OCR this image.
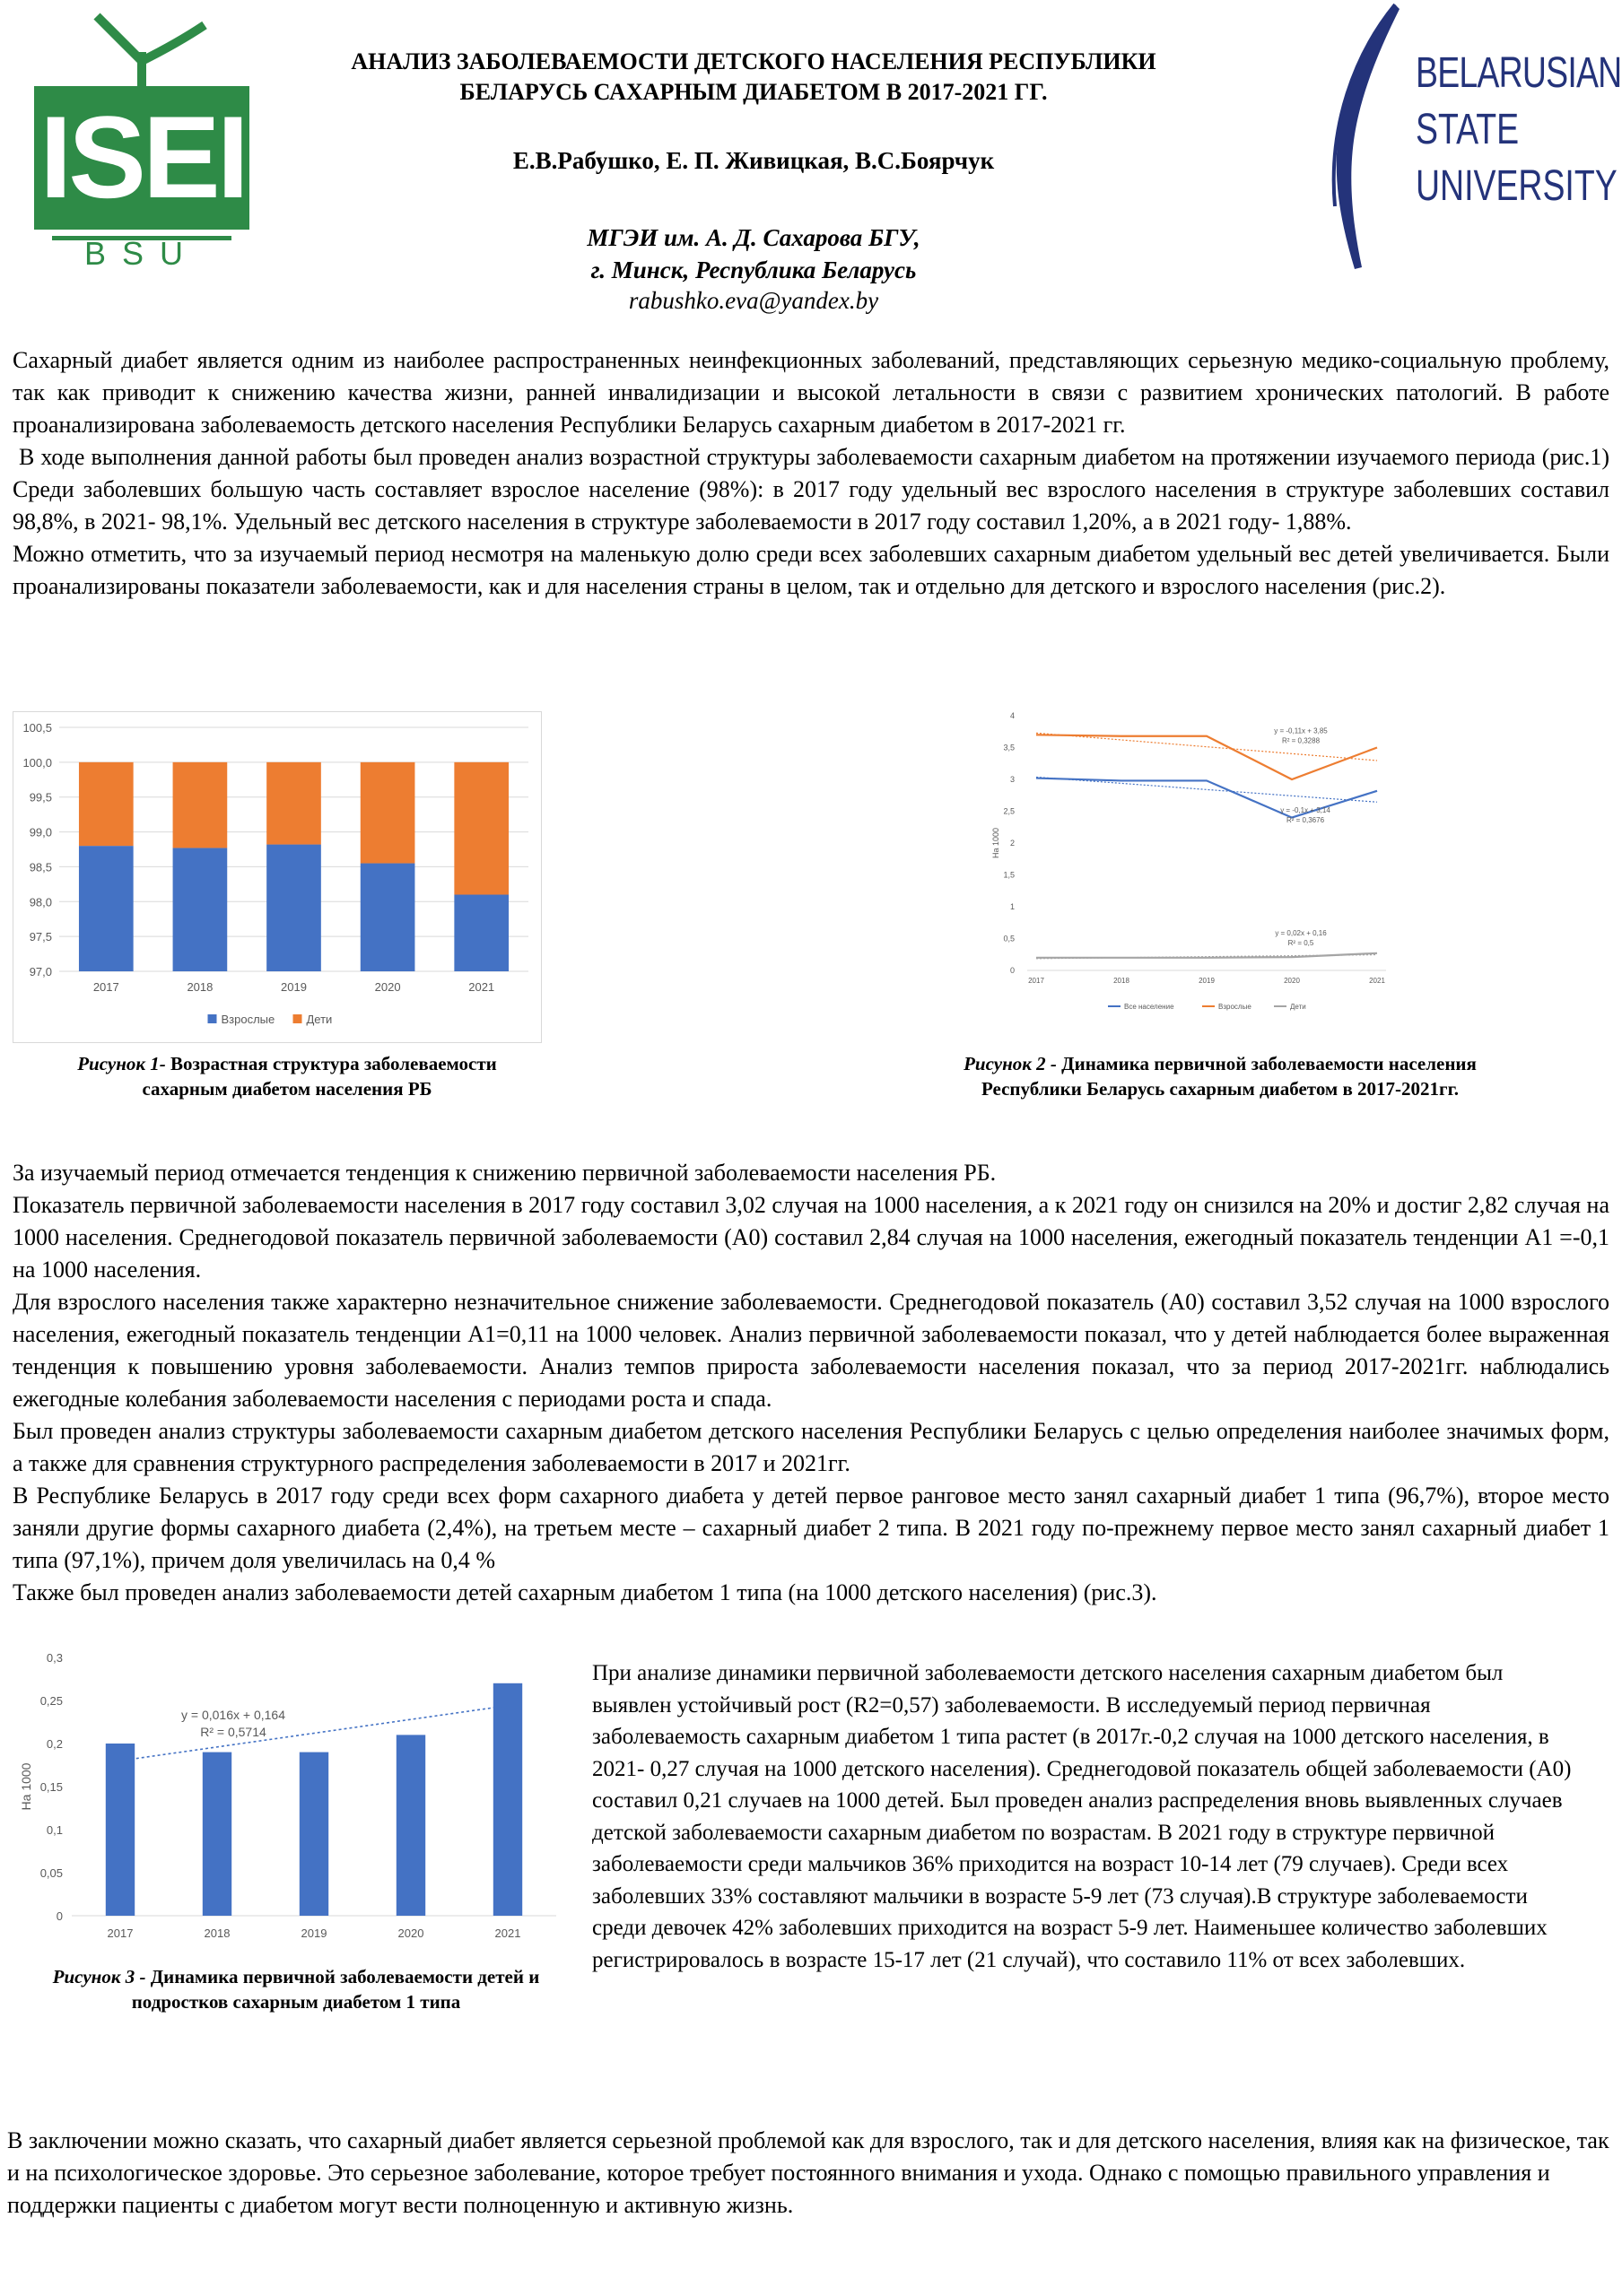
ISEI
BSU
BELARUSIAN
STATE
UNIVERSITY
АНАЛИЗ ЗАБОЛЕВАЕМОСТИ ДЕТСКОГО НАСЕЛЕНИЯ РЕСПУБЛИКИ БЕЛАРУСЬ САХАРНЫМ ДИАБЕТОМ В 2017-2021 ГГ.
Е.В.Рабушко, Е. П. Живицкая, В.С.Боярчук
МГЭИ им. А. Д. Сахарова БГУ,
г. Минск, Республика Беларусь
rabushko.eva@yandex.by

Сахарный диабет является одним из наиболее распространенных неинфекционных заболеваний, представляющих серьезную медико-социальную проблему, так как приводит к снижению качества жизни, ранней инвалидизации и высокой летальности в связи с развитием хронических патологий. В работе проанализирована заболеваемость детского населения Республики Беларусь сахарным диабетом в 2017-2021 гг.

В ходе выполнения данной работы был проведен анализ возрастной структуры заболеваемости сахарным диабетом на протяжении изучаемого периода (рис.1) Среди заболевших большую часть составляет взрослое население (98%): в 2017 году удельный вес взрослого населения в структуре заболевших составил 98,8%, в 2021- 98,1%. Удельный вес детского населения в структуре заболеваемости в 2017 году составил 1,20%, а в 2021 году- 1,88%.

Можно отметить, что за изучаемый период несмотря на маленькую долю среди всех заболевших сахарным диабетом удельный вес детей увеличивается. Были проанализированы показатели заболеваемости, как и для населения страны в целом, так и отдельно для детского и взрослого населения (рис.2).

97,0
97,5
98,0
98,5
99,0
99,5
100,0
100,5
2017	2018	2019	2020	2021
Взрослые	Дети
Рисунок 1- Возрастная структура заболеваемости сахарным диабетом населения РБ
0
0,5
1
1,5
2
2,5
3
3,5
4
На 1000
2017	2018	2019	2020	2021
y = -0,1x + 3,14
R² = 0,3676
y = -0,11x + 3,85
R² = 0,3288
y = 0,02x + 0,16
R² = 0,5
Все население	Взрослые	Дети
Рисунок 2 - Динамика первичной заболеваемости населения Республики Беларусь сахарным диабетом в 2017-2021гг.

За изучаемый период отмечается тенденция к снижению первичной заболеваемости населения РБ.

Показатель первичной заболеваемости населения в 2017 году составил 3,02 случая на 1000 населения, а к 2021 году он снизился на 20% и достиг 2,82 случая на 1000 населения. Среднегодовой показатель первичной заболеваемости (А0) составил 2,84 случая на 1000 населения, ежегодный показатель тенденции А1 =-0,1 на 1000 населения.

Для взрослого населения также характерно незначительное снижение заболеваемости. Среднегодовой показатель (А0) составил 3,52 случая на 1000 взрослого населения, ежегодный показатель тенденции А1=0,11 на 1000 человек. Анализ первичной заболеваемости показал, что у детей наблюдается более выраженная тенденция к повышению уровня заболеваемости. Анализ темпов прироста заболеваемости населения показал, что за период 2017-2021гг. наблюдались ежегодные колебания заболеваемости населения с периодами роста и спада.

Был проведен анализ структуры заболеваемости сахарным диабетом детского населения Республики Беларусь с целью определения наиболее значимых форм, а также для сравнения структурного распределения заболеваемости в 2017 и 2021гг.

В Республике Беларусь в 2017 году среди всех форм сахарного диабета у детей первое ранговое место занял сахарный диабет 1 типа (96,7%), второе место заняли другие формы сахарного диабета (2,4%), на третьем месте – сахарный диабет 2 типа. В 2021 году по-прежнему первое место занял сахарный диабет 1 типа (97,1%), причем доля увеличилась на 0,4 %

Также был проведен анализ заболеваемости детей сахарным диабетом 1 типа (на 1000 детского населения) (рис.3).

0
0,05
0,1
0,15
0,2
0,25
0,3
На 1000
2017	2018	2019	2020	2021
y = 0,016x + 0,164
R² = 0,5714
Рисунок 3 - Динамика первичной заболеваемости детей и подростков сахарным диабетом 1 типа
При анализе динамики первичной заболеваемости детского населения сахарным диабетом был выявлен устойчивый рост (R2=0,57) заболеваемости. В исследуемый период первичная заболеваемость сахарным диабетом 1 типа растет (в 2017г.-0,2 случая на 1000 детского населения, в 2021- 0,27 случая на 1000 детского населения). Среднегодовой показатель общей заболеваемости (А0) составил 0,21 случаев на 1000 детей. Был проведен анализ распределения вновь выявленных случаев детской заболеваемости сахарным диабетом по возрастам. В 2021 году в структуре первичной заболеваемости среди мальчиков 36% приходится на возраст 10-14 лет (79 случаев). Среди всех заболевших 33% составляют мальчики в возрасте 5-9 лет (73 случая).В структуре заболеваемости среди девочек 42% заболевших приходится на возраст 5-9 лет. Наименьшее количество заболевших регистрировалось в возрасте 15-17 лет (21 случай), что составило 11% от всех заболевших.
В заключении можно сказать, что сахарный диабет является серьезной проблемой как для взрослого, так и для детского населения, влияя как на физическое, так и на психологическое здоровье. Это серьезное заболевание, которое требует постоянного внимания и ухода. Однако с помощью правильного управления и поддержки пациенты с диабетом могут вести полноценную и активную жизнь.
